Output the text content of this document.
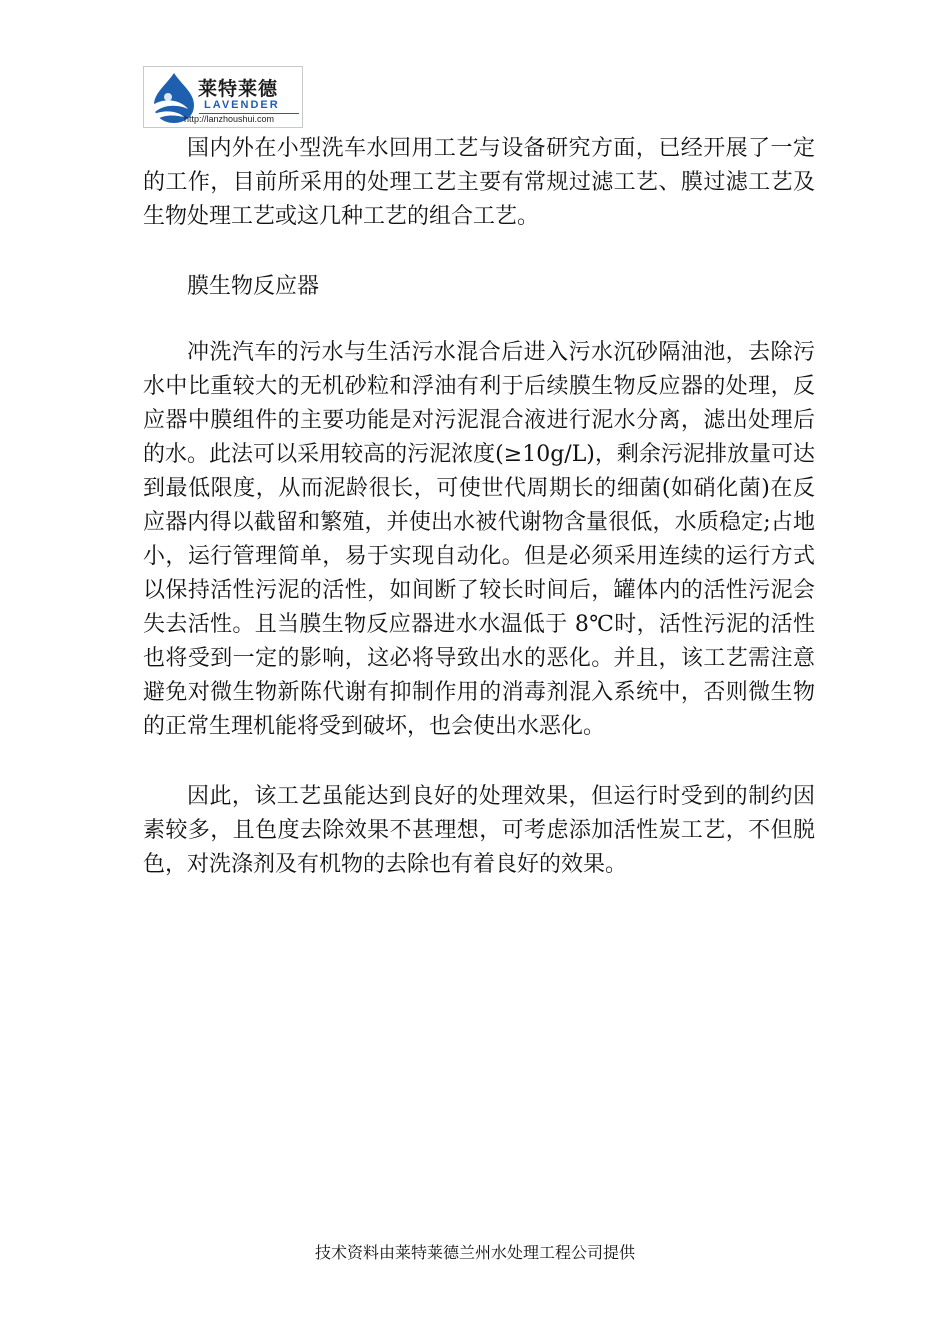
莱特莱德
LAVENDER
http://lanzhoushui.com

国内外在小型洗车水回用工艺与设备研究方面，已经开展了一定的工作，目前所采用的处理工艺主要有常规过滤工艺、膜过滤工艺及生物处理工艺或这几种工艺的组合工艺。

膜生物反应器

冲洗汽车的污水与生活污水混合后进入污水沉砂隔油池，去除污水中比重较大的无机砂粒和浮油有利于后续膜生物反应器的处理，反应器中膜组件的主要功能是对污泥混合液进行泥水分离，滤出处理后的水。此法可以采用较高的污泥浓度(≥10g/L)，剩余污泥排放量可达到最低限度，从而泥龄很长，可使世代周期长的细菌(如硝化菌)在反应器内得以截留和繁殖，并使出水被代谢物含量很低，水质稳定;占地小，运行管理简单，易于实现自动化。但是必须采用连续的运行方式以保持活性污泥的活性，如间断了较长时间后，罐体内的活性污泥会失去活性。且当膜生物反应器进水水温低于 8℃时，活性污泥的活性也将受到一定的影响，这必将导致出水的恶化。并且，该工艺需注意避免对微生物新陈代谢有抑制作用的消毒剂混入系统中，否则微生物的正常生理机能将受到破坏，也会使出水恶化。

因此，该工艺虽能达到良好的处理效果，但运行时受到的制约因素较多，且色度去除效果不甚理想，可考虑添加活性炭工艺，不但脱色，对洗涤剂及有机物的去除也有着良好的效果。

技术资料由莱特莱德兰州水处理工程公司提供
